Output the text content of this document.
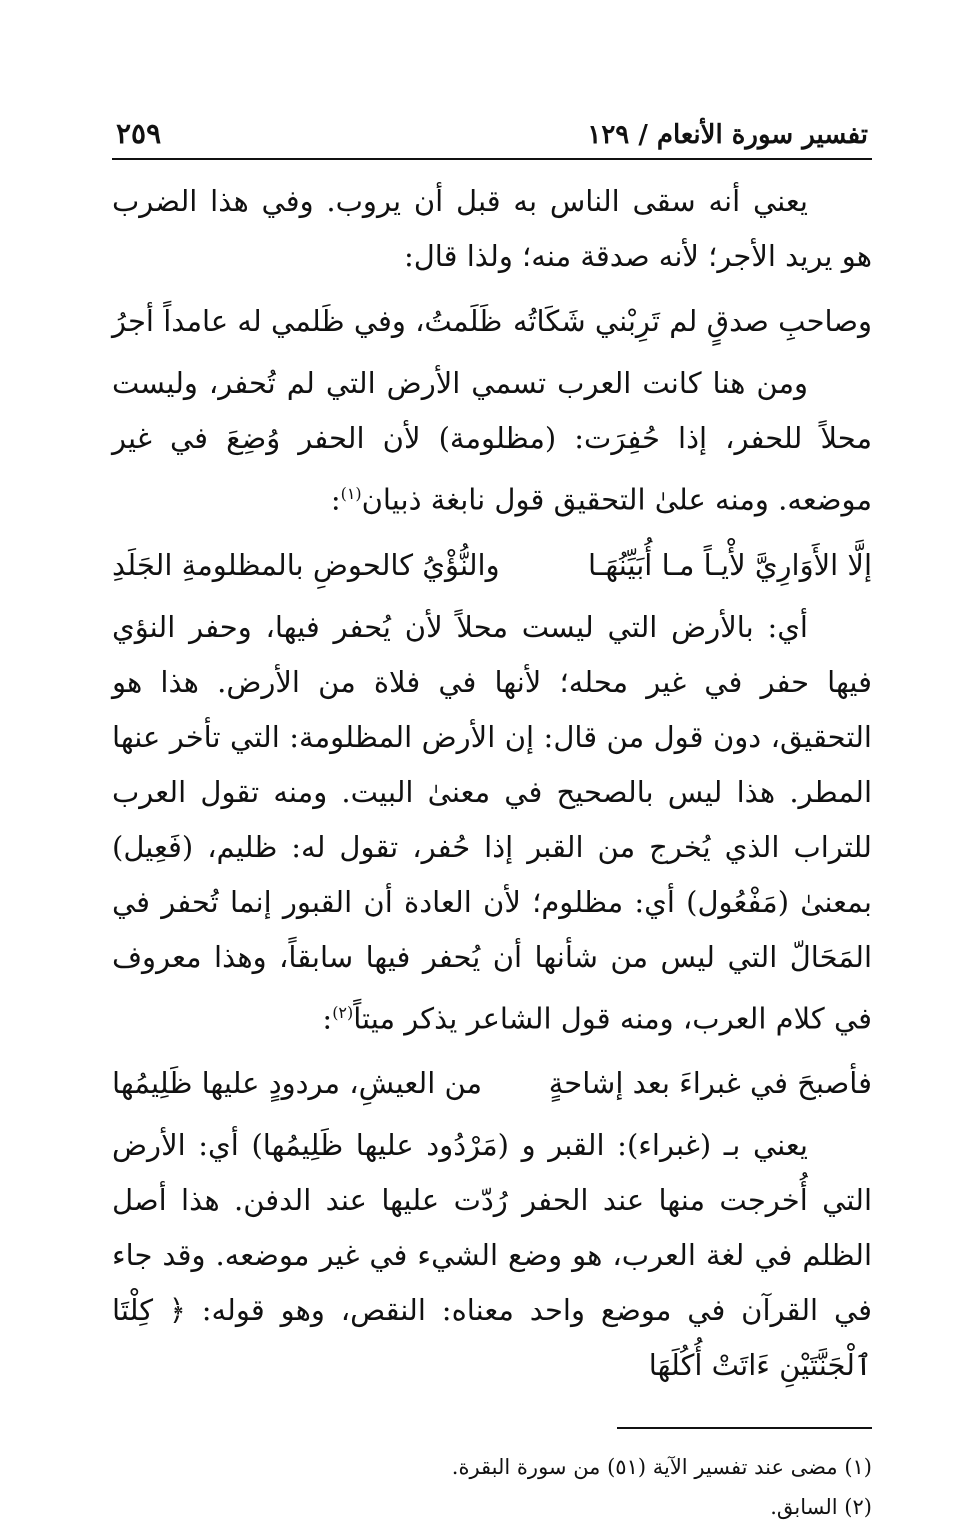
تفسير سورة الأنعام / ١٢٩
٢٥٩

يعني أنه سقى الناس به قبل أن يروب. وفي هذا الضرب هو يريد الأجر؛ لأنه صدقة منه؛ ولذا قال:

وصاحبِ صدقٍ لم تَرِبْني شَكَاتُه
ظَلَمتُ، وفي ظَلمي له عامداً أجرُ

ومن هنا كانت العرب تسمي الأرض التي لم تُحفر، وليست محلاً للحفر، إذا حُفِرَت: (مظلومة) لأن الحفر وُضِعَ في غير موضعه. ومنه علىٰ التحقيق قول نابغة ذبيان$^{(١)}$:

إلَّا الأَوَارِيَّ لأْيـاً مـا أُبَيِّنُهَـا
والنُّؤْيُ كالحوضِ بالمظلومةِ الجَلَدِ

أي: بالأرض التي ليست محلاً لأن يُحفر فيها، وحفر النؤي فيها حفر في غير محله؛ لأنها في فلاة من الأرض. هذا هو التحقيق، دون قول من قال: إن الأرض المظلومة: التي تأخر عنها المطر. هذا ليس بالصحيح في معنىٰ البيت. ومنه تقول العرب للتراب الذي يُخرج من القبر إذا حُفر، تقول له: ظليم، (فَعِيل) بمعنىٰ (مَفْعُول) أي: مظلوم؛ لأن العادة أن القبور إنما تُحفر في المَحَالّ التي ليس من شأنها أن يُحفر فيها سابقاً، وهذا معروف في كلام العرب، ومنه قول الشاعر يذكر ميتاً$^{(٢)}$:

فأصبحَ في غبراءَ بعد إشاحةٍ
من العيشِ، مردودٍ عليها ظَلِيمُها

يعني بـ (غبراء): القبر و (مَرْدُود عليها ظَلِيمُها) أي: الأرض التي أُخرجت منها عند الحفر رُدّت عليها عند الدفن. هذا أصل الظلم في لغة العرب، هو وضع الشيء في غير موضعه. وقد جاء في القرآن في موضع واحد معناه: النقص، وهو قوله: ﴿ كِلْتَا ٱلْجَنَّتَيْنِ ءَاتَتْ أُكُلَهَا

(١) مضى عند تفسير الآية (٥١) من سورة البقرة.

(٢) السابق.
